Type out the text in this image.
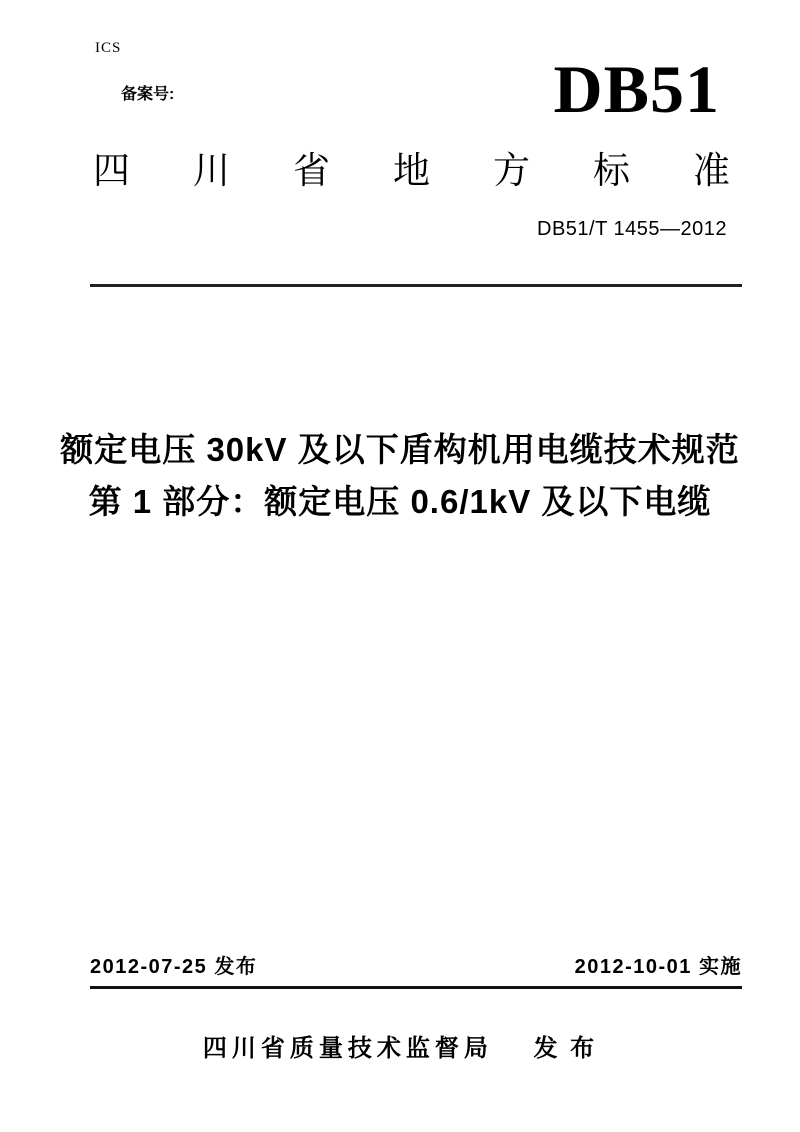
ICS
备案号:	DB51
四川省地方标准
DB51/T 1455—2012
额定电压 30kV 及以下盾构机用电缆技术规范
第 1 部分：额定电压 0.6/1kV 及以下电缆
2012-07-25 发布	2012-10-01 实施
四川省质量技术监督局 发 布
